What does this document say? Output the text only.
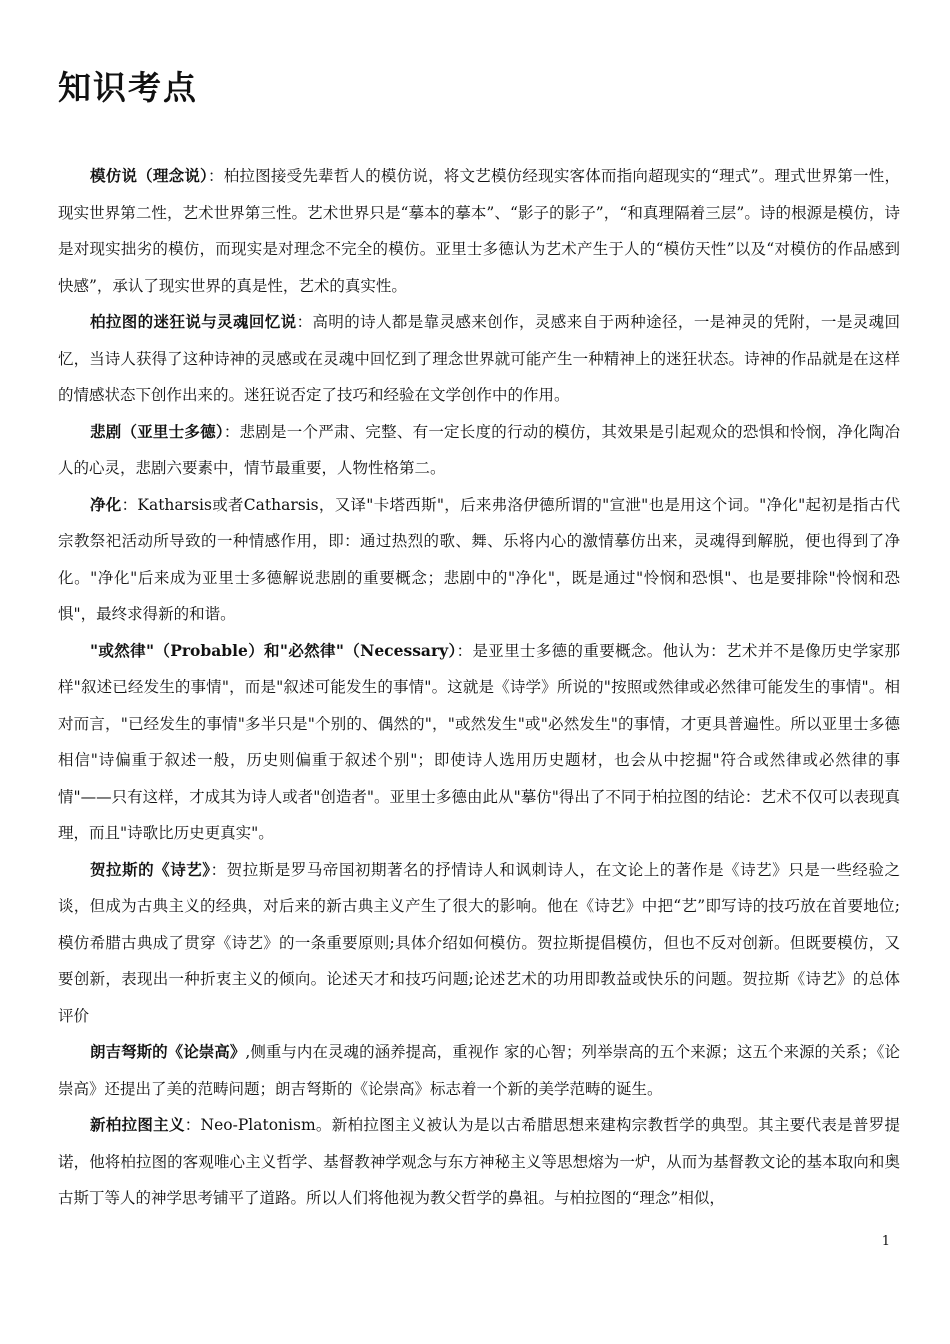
知识考点

模仿说（理念说）：柏拉图接受先辈哲人的模仿说，将文艺模仿经现实客体而指向超现实的“理式”。理式世界第一性，现实世界第二性，艺术世界第三性。艺术世界只是“摹本的摹本”、“影子的影子”，“和真理隔着三层”。诗的根源是模仿，诗是对现实拙劣的模仿，而现实是对理念不完全的模仿。亚里士多德认为艺术产生于人的“模仿天性”以及“对模仿的作品感到快感”，承认了现实世界的真是性，艺术的真实性。

柏拉图的迷狂说与灵魂回忆说：高明的诗人都是靠灵感来创作，灵感来自于两种途径，一是神灵的凭附，一是灵魂回忆，当诗人获得了这种诗神的灵感或在灵魂中回忆到了理念世界就可能产生一种精神上的迷狂状态。诗神的作品就是在这样的情感状态下创作出来的。迷狂说否定了技巧和经验在文学创作中的作用。

悲剧（亚里士多德）：悲剧是一个严肃、完整、有一定长度的行动的模仿，其效果是引起观众的恐惧和怜悯，净化陶冶人的心灵，悲剧六要素中，情节最重要，人物性格第二。

净化：Katharsis或者Catharsis，又译"卡塔西斯"，后来弗洛伊德所谓的"宣泄"也是用这个词。"净化"起初是指古代宗教祭祀活动所导致的一种情感作用，即：通过热烈的歌、舞、乐将内心的激情摹仿出来，灵魂得到解脱，便也得到了净化。"净化"后来成为亚里士多德解说悲剧的重要概念；悲剧中的"净化"，既是通过"怜悯和恐惧"、也是要排除"怜悯和恐惧"，最终求得新的和谐。

"或然律"（Probable）和"必然律"（Necessary）：是亚里士多德的重要概念。他认为：艺术并不是像历史学家那样"叙述已经发生的事情"，而是"叙述可能发生的事情"。这就是《诗学》所说的"按照或然律或必然律可能发生的事情"。相对而言，"已经发生的事情"多半只是"个别的、偶然的"，"或然发生"或"必然发生"的事情，才更具普遍性。所以亚里士多德相信"诗偏重于叙述一般，历史则偏重于叙述个别"；即使诗人选用历史题材，也会从中挖掘"符合或然律或必然律的事情"——只有这样，才成其为诗人或者"创造者"。亚里士多德由此从"摹仿"得出了不同于柏拉图的结论：艺术不仅可以表现真理，而且"诗歌比历史更真实"。

贺拉斯的《诗艺》：贺拉斯是罗马帝国初期著名的抒情诗人和讽刺诗人，在文论上的著作是《诗艺》只是一些经验之谈，但成为古典主义的经典，对后来的新古典主义产生了很大的影响。他在《诗艺》中把“艺”即写诗的技巧放在首要地位;模仿希腊古典成了贯穿《诗艺》的一条重要原则;具体介绍如何模仿。贺拉斯提倡模仿，但也不反对创新。但既要模仿，又要创新，表现出一种折衷主义的倾向。论述天才和技巧问题;论述艺术的功用即教益或快乐的问题。贺拉斯《诗艺》的总体评价

朗吉弩斯的《论崇高》,侧重与内在灵魂的涵养提高，重视作 家的心智；列举崇高的五个来源；这五个来源的关系；《论崇高》还提出了美的范畴问题；朗吉弩斯的《论崇高》标志着一个新的美学范畴的诞生。

新柏拉图主义：Neo-Platonism。新柏拉图主义被认为是以古希腊思想来建构宗教哲学的典型。其主要代表是普罗提诺，他将柏拉图的客观唯心主义哲学、基督教神学观念与东方神秘主义等思想熔为一炉，从而为基督教文论的基本取向和奥古斯丁等人的神学思考铺平了道路。所以人们将他视为教父哲学的鼻祖。与柏拉图的“理念”相似，

1
